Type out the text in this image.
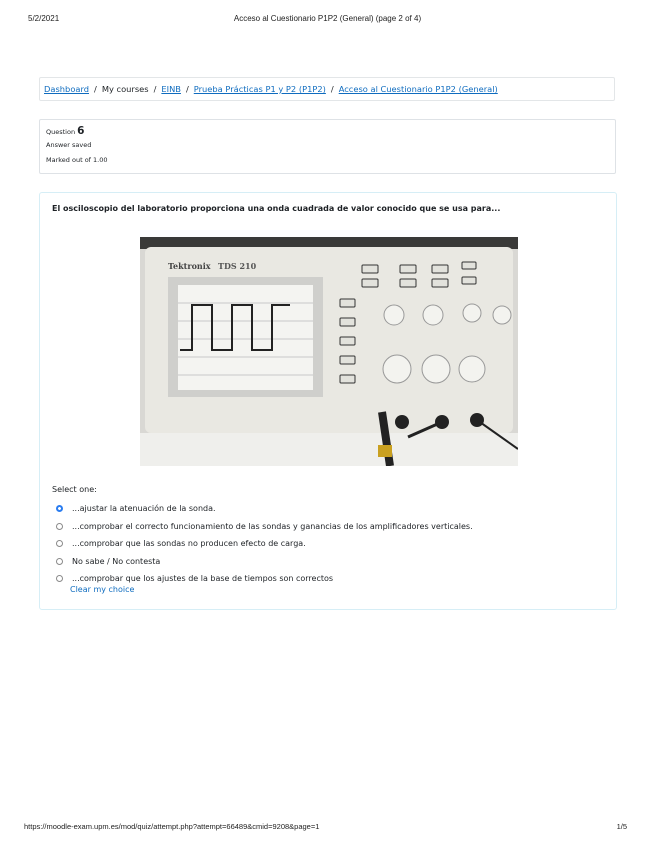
5/2/2021	Acceso al Cuestionario P1P2 (General) (page 2 of 4)
Dashboard / My courses / EINB / Prueba Prácticas P1 y P2 (P1P2) / Acceso al Cuestionario P1P2 (General)
Question 6
Answer saved
Marked out of 1.00
El osciloscopio del laboratorio proporciona una onda cuadrada de valor conocido que se usa para...
Tektronix TDS 210
Select one:
...ajustar la atenuación de la sonda.
...comprobar el correcto funcionamiento de las sondas y ganancias de los amplificadores verticales.
...comprobar que las sondas no producen efecto de carga.
No sabe / No contesta
...comprobar que los ajustes de la base de tiempos son correctos
Clear my choice
https://moodle-exam.upm.es/mod/quiz/attempt.php?attempt=66489&cmid=9208&page=1	1/5
